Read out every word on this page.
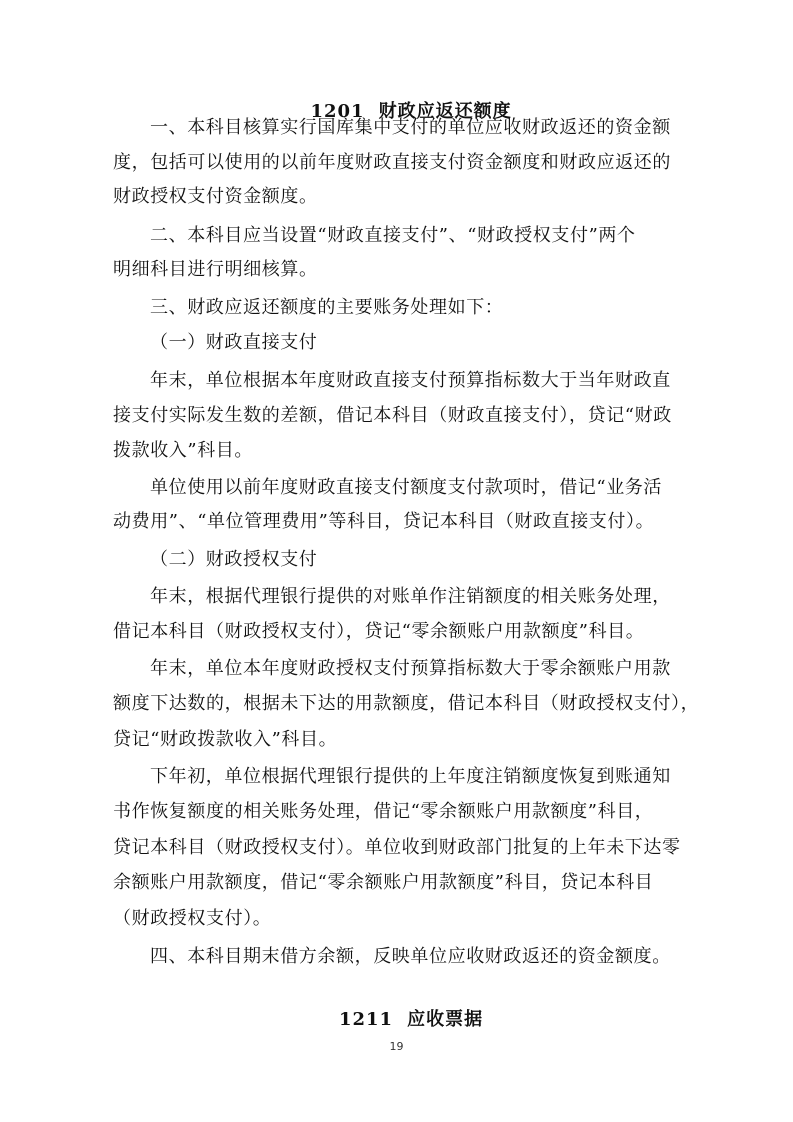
1201 财政应返还额度

一、本科目核算实行国库集中支付的单位应收财政返还的资金额
度，包括可以使用的以前年度财政直接支付资金额度和财政应返还的
财政授权支付资金额度。
二、本科目应当设置“财政直接支付”、“财政授权支付”两个
明细科目进行明细核算。
三、财政应返还额度的主要账务处理如下：
（一）财政直接支付
年末，单位根据本年度财政直接支付预算指标数大于当年财政直
接支付实际发生数的差额，借记本科目（财政直接支付），贷记“财政
拨款收入”科目。
单位使用以前年度财政直接支付额度支付款项时，借记“业务活
动费用”、“单位管理费用”等科目，贷记本科目（财政直接支付）。
（二）财政授权支付
年末，根据代理银行提供的对账单作注销额度的相关账务处理，
借记本科目（财政授权支付），贷记“零余额账户用款额度”科目。
年末，单位本年度财政授权支付预算指标数大于零余额账户用款
额度下达数的，根据未下达的用款额度，借记本科目（财政授权支付），
贷记“财政拨款收入”科目。
下年初，单位根据代理银行提供的上年度注销额度恢复到账通知
书作恢复额度的相关账务处理，借记“零余额账户用款额度”科目，
贷记本科目（财政授权支付）。单位收到财政部门批复的上年未下达零
余额账户用款额度，借记“零余额账户用款额度”科目，贷记本科目
（财政授权支付）。
四、本科目期末借方余额，反映单位应收财政返还的资金额度。

1211 应收票据

19
